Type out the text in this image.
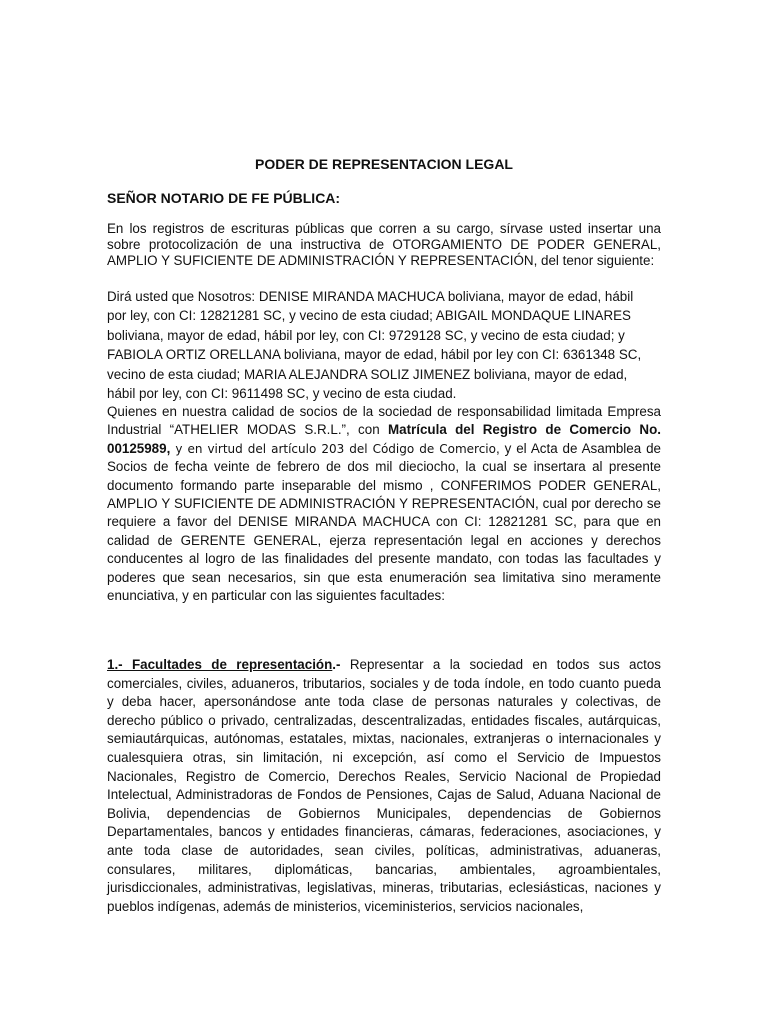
PODER DE REPRESENTACION LEGAL
SEÑOR NOTARIO DE FE PÚBLICA:

En los registros de escrituras públicas que corren a su cargo, sírvase usted insertar una sobre protocolización de una instructiva de OTORGAMIENTO DE PODER GENERAL, AMPLIO Y SUFICIENTE DE ADMINISTRACIÓN Y REPRESENTACIÓN, del tenor siguiente:

Dirá usted que Nosotros: DENISE MIRANDA MACHUCA boliviana, mayor de edad, hábil
por ley, con CI: 12821281 SC, y vecino de esta ciudad; ABIGAIL MONDAQUE LINARES
boliviana, mayor de edad, hábil por ley, con CI: 9729128 SC, y vecino de esta ciudad; y
FABIOLA ORTIZ ORELLANA boliviana, mayor de edad, hábil por ley con CI: 6361348 SC,
vecino de esta ciudad; MARIA ALEJANDRA SOLIZ JIMENEZ boliviana, mayor de edad,
hábil por ley, con CI: 9611498 SC, y vecino de esta ciudad.

Quienes en nuestra calidad de socios de la sociedad de responsabilidad limitada Empresa Industrial “ATHELIER MODAS S.R.L.”, con Matrícula del Registro de Comercio No. 00125989, y en virtud del artículo 203 del Código de Comercio, y el Acta de Asamblea de Socios de fecha veinte de febrero de dos mil dieciocho, la cual se insertara al presente documento formando parte inseparable del mismo , CONFERIMOS PODER GENERAL, AMPLIO Y SUFICIENTE DE ADMINISTRACIÓN Y REPRESENTACIÓN, cual por derecho se requiere a favor del DENISE MIRANDA MACHUCA con CI: 12821281 SC, para que en calidad de GERENTE GENERAL, ejerza representación legal en acciones y derechos conducentes al logro de las finalidades del presente mandato, con todas las facultades y poderes que sean necesarios, sin que esta enumeración sea limitativa sino meramente enunciativa, y en particular con las siguientes facultades:

1.- Facultades de representación.- Representar a la sociedad en todos sus actos comerciales, civiles, aduaneros, tributarios, sociales y de toda índole, en todo cuanto pueda y deba hacer, apersonándose ante toda clase de personas naturales y colectivas, de derecho público o privado, centralizadas, descentralizadas, entidades fiscales, autárquicas, semiautárquicas, autónomas, estatales, mixtas, nacionales, extranjeras o internacionales y cualesquiera otras, sin limitación, ni excepción, así como el Servicio de Impuestos Nacionales, Registro de Comercio, Derechos Reales, Servicio Nacional de Propiedad Intelectual, Administradoras de Fondos de Pensiones, Cajas de Salud, Aduana Nacional de Bolivia, dependencias de Gobiernos Municipales, dependencias de Gobiernos Departamentales, bancos y entidades financieras, cámaras, federaciones, asociaciones, y ante toda clase de autoridades, sean civiles, políticas, administrativas, aduaneras, consulares, militares, diplomáticas, bancarias, ambientales, agroambientales, jurisdiccionales, administrativas, legislativas, mineras, tributarias, eclesiásticas, naciones y pueblos indígenas, además de ministerios, viceministerios, servicios nacionales,
